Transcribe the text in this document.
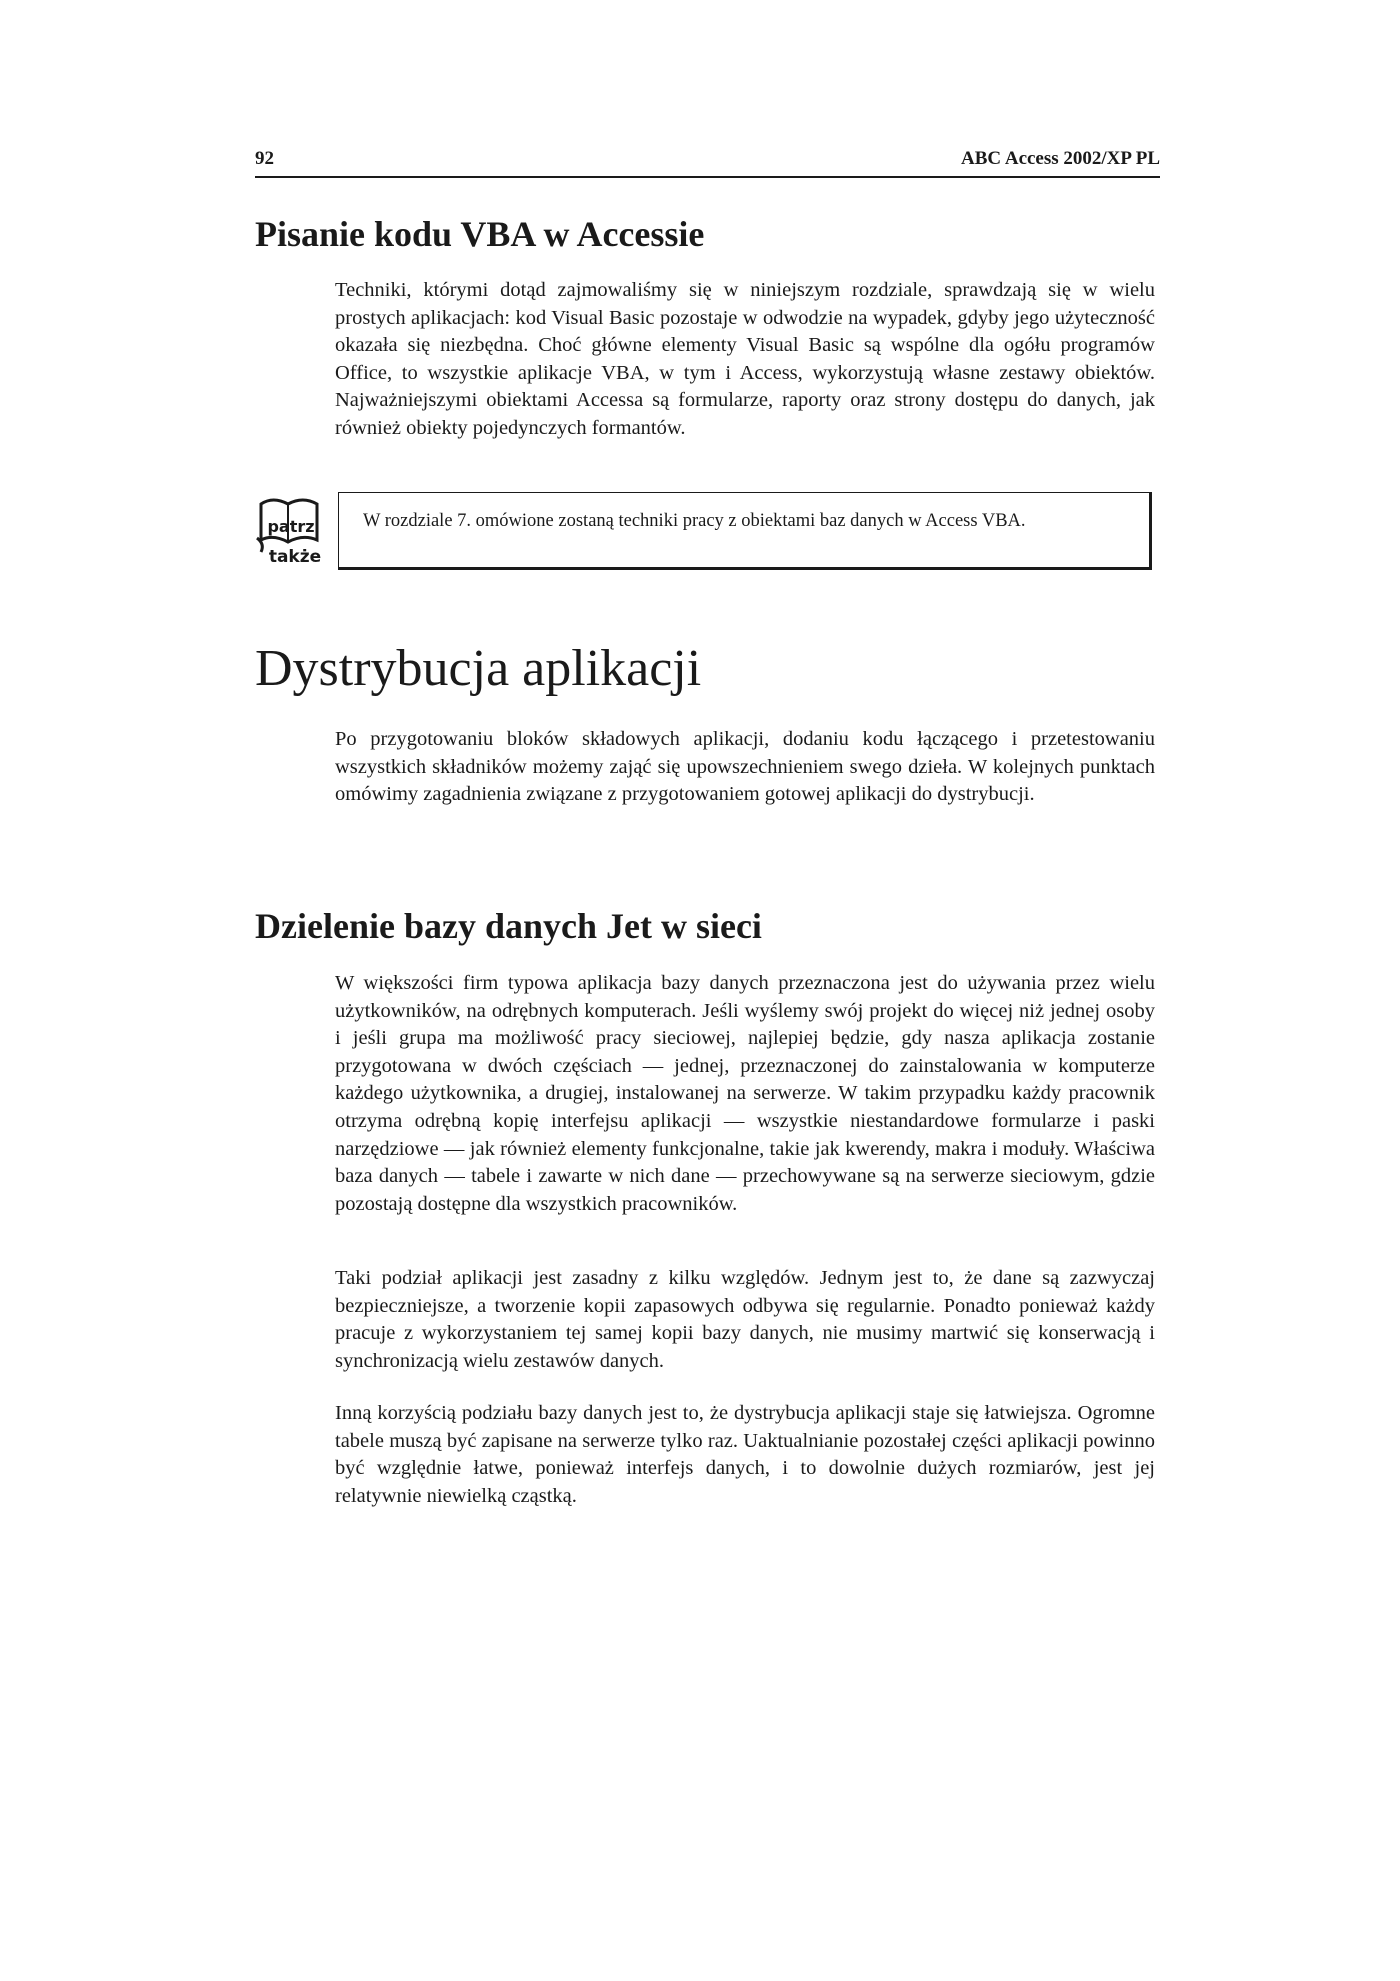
92	ABC Access 2002/XP PL
Pisanie kodu VBA w Accessie

Techniki, którymi dotąd zajmowaliśmy się w niniejszym rozdziale, sprawdzają się w wielu prostych aplikacjach: kod Visual Basic pozostaje w odwodzie na wypadek, gdyby jego użyteczność okazała się niezbędna. Choć główne elementy Visual Basic są wspólne dla ogółu programów Office, to wszystkie aplikacje VBA, w tym i Access, wykorzystują własne zestawy obiektów. Najważniejszymi obiektami Accessa są formularze, raporty oraz strony dostępu do danych, jak również obiekty pojedynczych formantów.

patrz
także

W rozdziale 7. omówione zostaną techniki pracy z obiektami baz danych w Access VBA.

Dystrybucja aplikacji

Po przygotowaniu bloków składowych aplikacji, dodaniu kodu łączącego i przetestowaniu wszystkich składników możemy zająć się upowszechnieniem swego dzieła. W kolejnych punktach omówimy zagadnienia związane z przygotowaniem gotowej aplikacji do dystrybucji.

Dzielenie bazy danych Jet w sieci

W większości firm typowa aplikacja bazy danych przeznaczona jest do używania przez wielu użytkowników, na odrębnych komputerach. Jeśli wyślemy swój projekt do więcej niż jednej osoby i jeśli grupa ma możliwość pracy sieciowej, najlepiej będzie, gdy nasza aplikacja zostanie przygotowana w dwóch częściach — jednej, przeznaczonej do zainstalowania w komputerze każdego użytkownika, a drugiej, instalowanej na serwerze. W takim przypadku każdy pracownik otrzyma odrębną kopię interfejsu aplikacji — wszystkie niestandardowe formularze i paski narzędziowe — jak również elementy funkcjonalne, takie jak kwerendy, makra i moduły. Właściwa baza danych — tabele i zawarte w nich dane — przechowywane są na serwerze sieciowym, gdzie pozostają dostępne dla wszystkich pracowników.

Taki podział aplikacji jest zasadny z kilku względów. Jednym jest to, że dane są zazwyczaj bezpieczniejsze, a tworzenie kopii zapasowych odbywa się regularnie. Ponadto ponieważ każdy pracuje z wykorzystaniem tej samej kopii bazy danych, nie musimy martwić się konserwacją i synchronizacją wielu zestawów danych.

Inną korzyścią podziału bazy danych jest to, że dystrybucja aplikacji staje się łatwiejsza. Ogromne tabele muszą być zapisane na serwerze tylko raz. Uaktualnianie pozostałej części aplikacji powinno być względnie łatwe, ponieważ interfejs danych, i to dowolnie dużych rozmiarów, jest jej relatywnie niewielką cząstką.
